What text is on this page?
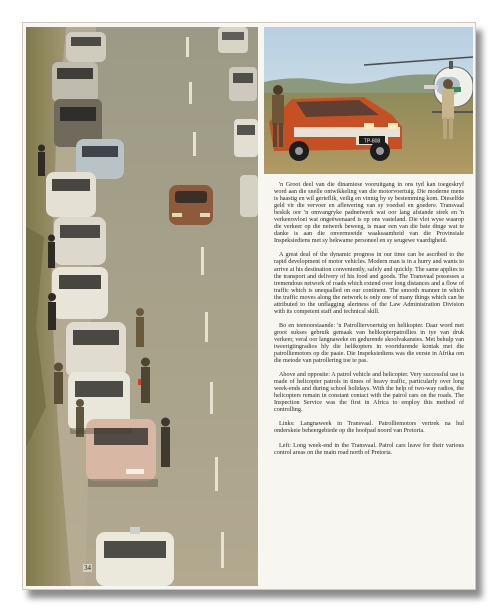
TP-808

'n Groot deel van die dinamiese vooruitgang in ons tyd kan toegeskryf word aan die snelle ontwikkeling van die motorvoertuig. Die moderne mens is haastig en wil gerieflik, veilig en vinnig by sy bestemming kom. Dieselfde geld vir die vervoer en aflewering van sy voedsel en goedere. Transvaal beskik oor 'n omvangryke padnetwerk wat oor lang afstande strek en 'n verkeersvloei wat ongeëwenaard is op ons vasteland. Die vlot wyse waarop die verkeer op die netwerk beweeg, is maar een van die baie dinge wat te danke is aan die onvermoeide waaksaamheid van die Provinsiale Inspeksiediens met sy bekwame personeel en sy seugewe vaardigheid.

A great deal of the dynamic progress in our time can be ascribed to the rapid development of motor vehicles. Modern man is in a hurry and wants to arrive at his destination conveniently, safely and quickly. The same applies to the transport and delivery of his food and goods. The Transvaal possesses a tremendous network of roads which extend over long distances and a flow of traffic which is unequalled on our continent. The smooth manner in which the traffic moves along the network is only one of many things which can be attributed to the unflagging alertness of the Law Administration Division with its competent staff and technical skill.

Bo en teenoorstaande: 'n Patrolliervoertuig en helikopter. Daar word met groot sukses gebruik gemaak van helikopterpatrollies in tye van druk verkeer, veral oor langnaweke en gedurende skoolvakansies. Met behulp van tweerigtingradios hly die helikopters in voortdurende kontak met die patrolliemotors op die paaie. Die Inspeksiediens was die eerste in Afrika om die metode van patrollering toe te pas.

Above and opposite: A patrol vehicle and helicopter. Very successful use is made of helicopter patrols in times of heavy traffic, particularly over long week-ends and during school holidays. With the help of two-way radios, the helicopters remain in constant contact with the patrol cars on the roads. The Inspection Service was the first in Africa to employ this method of controlling.

Links: Langnaweek in Transvaal. Patrolliemotors vertrek na hul onderskeie beheergebiede op die hoofpad noord van Pretoria.

Left: Long week-end in the Transvaal. Patrol cars leave for their various control areas on the main road north of Pretoria.

34
